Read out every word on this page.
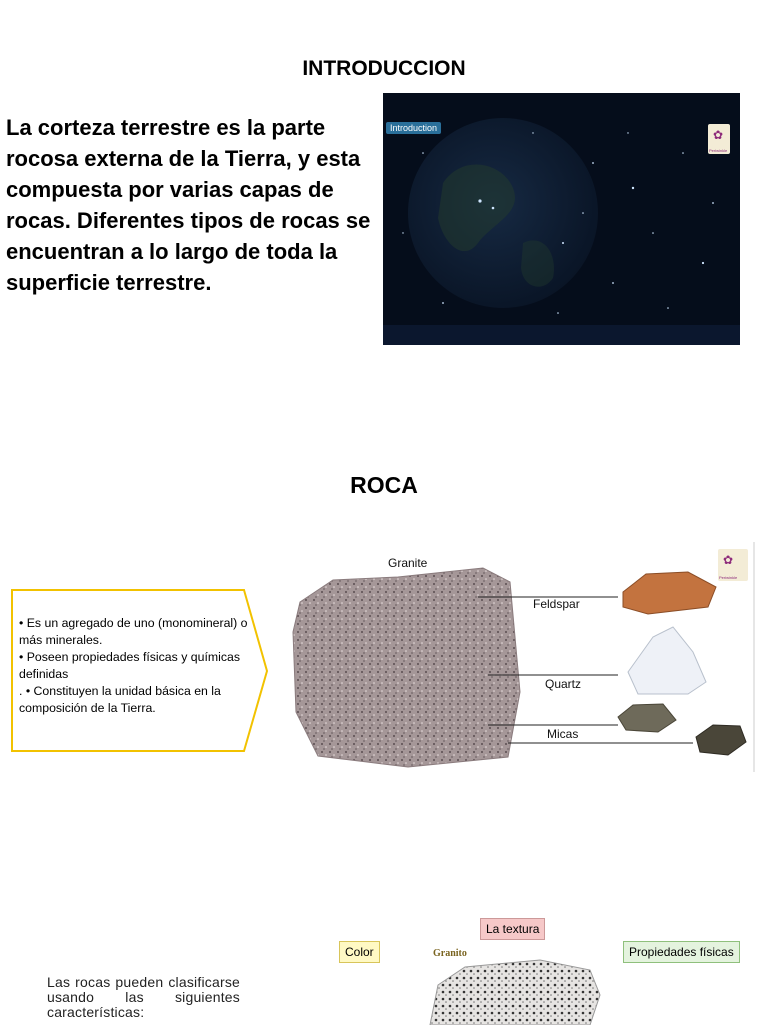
INTRODUCCION
La corteza terrestre es la parte rocosa externa de la Tierra, y esta compuesta por varias capas de rocas. Diferentes tipos de rocas se encuentran a lo largo de toda la superficie terrestre.
Introduction	✿
Periwinkle
ROCA
• Es un agregado de uno (monomineral) o más minerales.
• Poseen propiedades físicas y químicas definidas
. • Constituyen la unidad básica en la composición de la Tierra.
Granite
Feldspar
Quartz
Micas
✿
Periwinkle
Las rocas pueden clasificarse usando las siguientes características:
La textura
Color	Propiedades físicas
Granito
